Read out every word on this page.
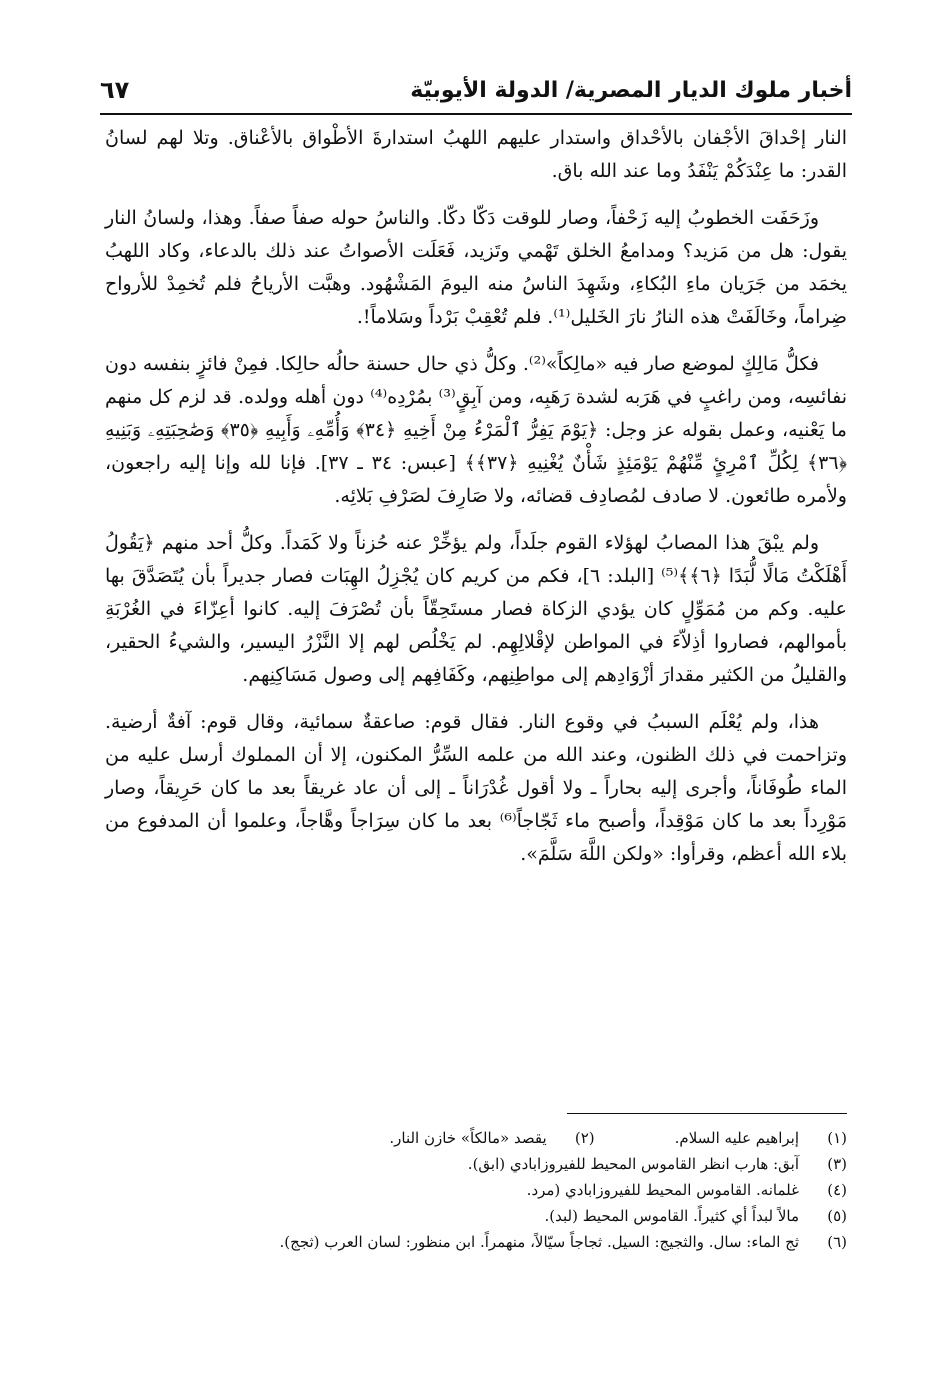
أخبار ملوك الديار المصرية/ الدولة الأيوبيّة
٦٧

النار إحْداقَ الأجْفان بالأحْداق واستدار عليهم اللهبُ استدارةَ الأطْواق بالأعْناق. وتلا لهم لسانُ القدر: ما عِنْدَكُمْ يَنْفَدُ وما عند الله باق.

وزَحَفَت الخطوبُ إليه زَحْفاً، وصار للوقت دَكّا دكّا. والناسُ حوله صفاً صفاً. وهذا، ولسانُ النار يقول: هل من مَزيد؟ ومدامعُ الخلق تَهْمي وتَزيد، فَعَلَت الأصواتُ عند ذلك بالدعاء، وكاد اللهبُ يخمَد من جَرَيان ماءِ البُكاءِ، وشَهِدَ الناسُ منه اليومَ المَشْهُود. وهبَّت الأرياحُ فلم تُخمِدْ للأرواح ضِراماً، وخَالَفَتْ هذه النارُ نارَ الخَليل⁽¹⁾. فلم تُعْقِبْ بَرْداً وسَلاماً!.

فكلُّ مَالِكٍ لموضع صار فيه «مالِكاً»⁽²⁾. وكلُّ ذي حال حسنة حالُه حالِكا. فمِنْ فائزٍ بنفسه دون نفائسِه، ومن راغبٍ في هَرَبه لشدة رَهَبِه، ومن آبِقٍ⁽³⁾ بمُرْدِه⁽⁴⁾ دون أهله وولده. قد لزم كل منهم ما يَعْنيه، وعمل بقوله عز وجل: ﴿يَوْمَ يَفِرُّ ٱلْمَرْءُ مِنْ أَخِيهِ ﴿٣٤﴾ وَأُمِّهِۦ وَأَبِيهِ ﴿٣٥﴾ وَصَٰحِبَتِهِۦ وَبَنِيهِ ﴿٣٦﴾ لِكُلِّ ٱمْرِئٍ مِّنْهُمْ يَوْمَئِذٍ شَأْنٌ يُغْنِيهِ ﴿٣٧﴾﴾ [عبس: ٣٤ ـ ٣٧]. فإنا لله وإنا إليه راجعون، ولأمره طائعون. لا صادف لمُصادِف قضائه، ولا صَارِفَ لصَرْفِ بَلائِه.

ولم يبْقَ هذا المصابُ لهؤلاء القوم جلَداً، ولم يؤخِّرْ عنه حُزناً ولا كَمَداً. وكلُّ أحد منهم ﴿يَقُولُ أَهْلَكْتُ مَالًا لُّبَدًا ﴿٦﴾﴾⁽⁵⁾ [البلد: ٦]، فكم من كريم كان يُجْزِلُ الهِبَات فصار جديراً بأن يُتَصَدَّقَ بها عليه. وكم من مُمَوِّلٍ كان يؤدي الزكاة فصار مستَحِقّاً بأن تُصْرَفَ إليه. كانوا أعِزّاءَ في الغُرْبَةِ بأموالهم، فصاروا أذِلاّءَ في المواطن لإقْلالِهِم. لم يَخْلُص لهم إلا النَّزْرُ اليسير، والشيءُ الحقير، والقليلُ من الكثير مقدارَ أزْوَادِهم إلى مواطِنِهم، وكَفَافِهم إلى وصول مَسَاكِنِهم.

هذا، ولم يُعْلَم السببُ في وقوع النار. فقال قوم: صاعقةٌ سمائية، وقال قوم: آفةٌ أرضية. وتزاحمت في ذلك الظنون، وعند الله من علمه السِّرُّ المكنون، إلا أن المملوك أرسل عليه من الماء طُوفَاناً، وأجرى إليه بحاراً ـ ولا أقول غُدْرَاناً ـ إلى أن عاد غريقاً بعد ما كان حَرِيقاً، وصار مَوْرِداً بعد ما كان مَوْقِداً، وأصبح ماء ثَجّاجاً⁽⁶⁾ بعد ما كان سِرَاجاً وهَّاجاً، وعلموا أن المدفوع من بلاء الله أعظم، وقرأوا: «ولكن اللَّهَ سَلَّمَ».

(١)
إبراهيم عليه السلام.
(٢)
يقصد «مالكاً» خازن النار.
(٣)
آبق: هارب انظر القاموس المحيط للفيروزابادي (ابق).
(٤)
غلمانه. القاموس المحيط للفيروزابادي (مرد.
(٥)
مالاً لبداً أي كثيراً. القاموس المحيط (لبد).
(٦)
ثج الماء: سال. والثجيج: السيل. ثجاجاً سيّالاً، منهمراً. ابن منظور: لسان العرب (ثجج).
